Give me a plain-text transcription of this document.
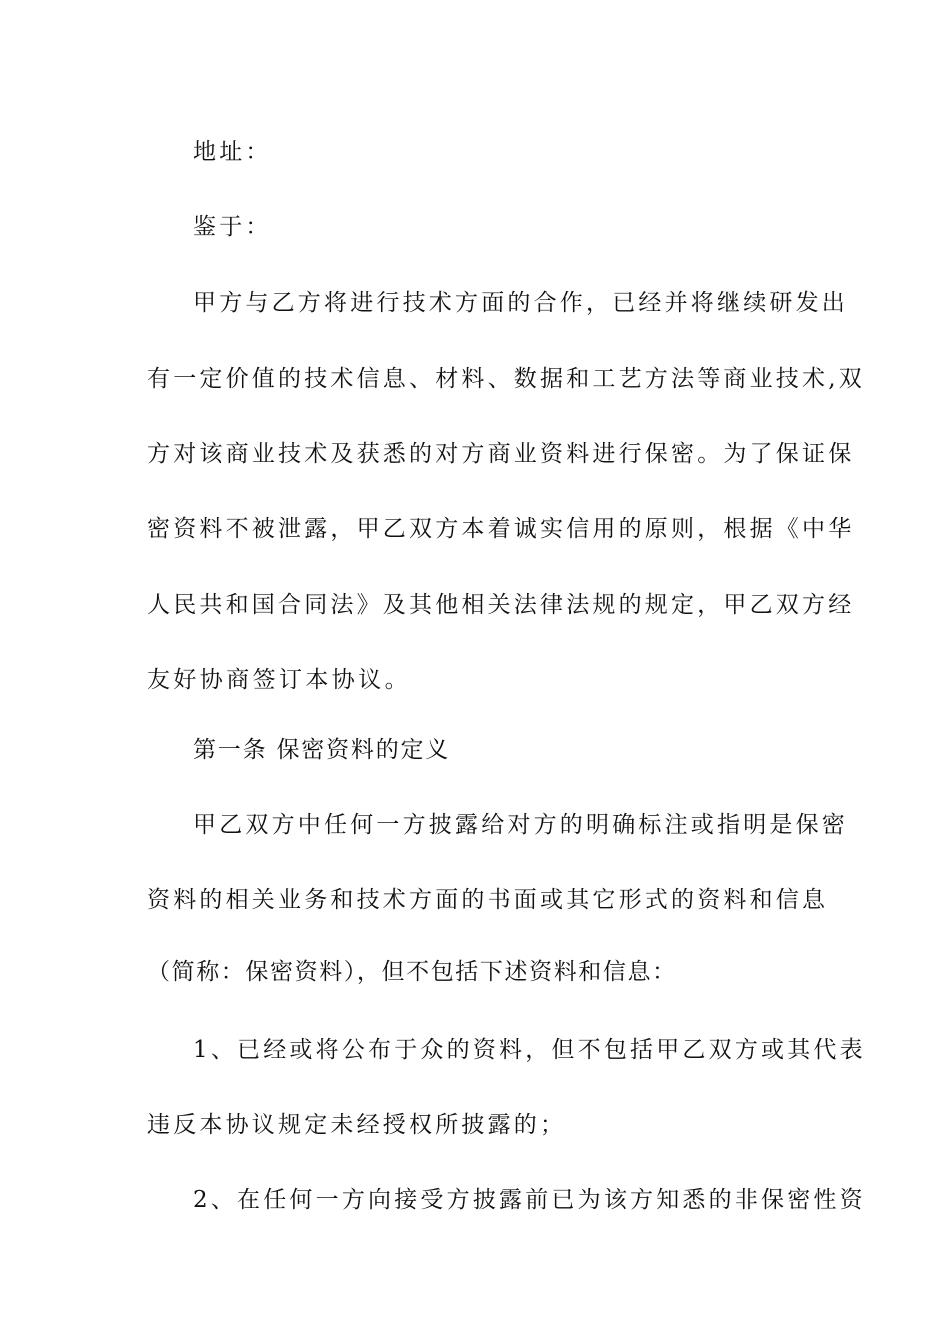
地址：
鉴于：
甲方与乙方将进行技术方面的合作，已经并将继续研发出
有一定价值的技术信息、材料、数据和工艺方法等商业技术,双
方对该商业技术及获悉的对方商业资料进行保密。为了保证保
密资料不被泄露，甲乙双方本着诚实信用的原则，根据《中华
人民共和国合同法》及其他相关法律法规的规定，甲乙双方经
友好协商签订本协议。
第一条 保密资料的定义
甲乙双方中任何一方披露给对方的明确标注或指明是保密
资料的相关业务和技术方面的书面或其它形式的资料和信息
（简称：保密资料），但不包括下述资料和信息：
1、已经或将公布于众的资料，但不包括甲乙双方或其代表
违反本协议规定未经授权所披露的；
2、在任何一方向接受方披露前已为该方知悉的非保密性资
